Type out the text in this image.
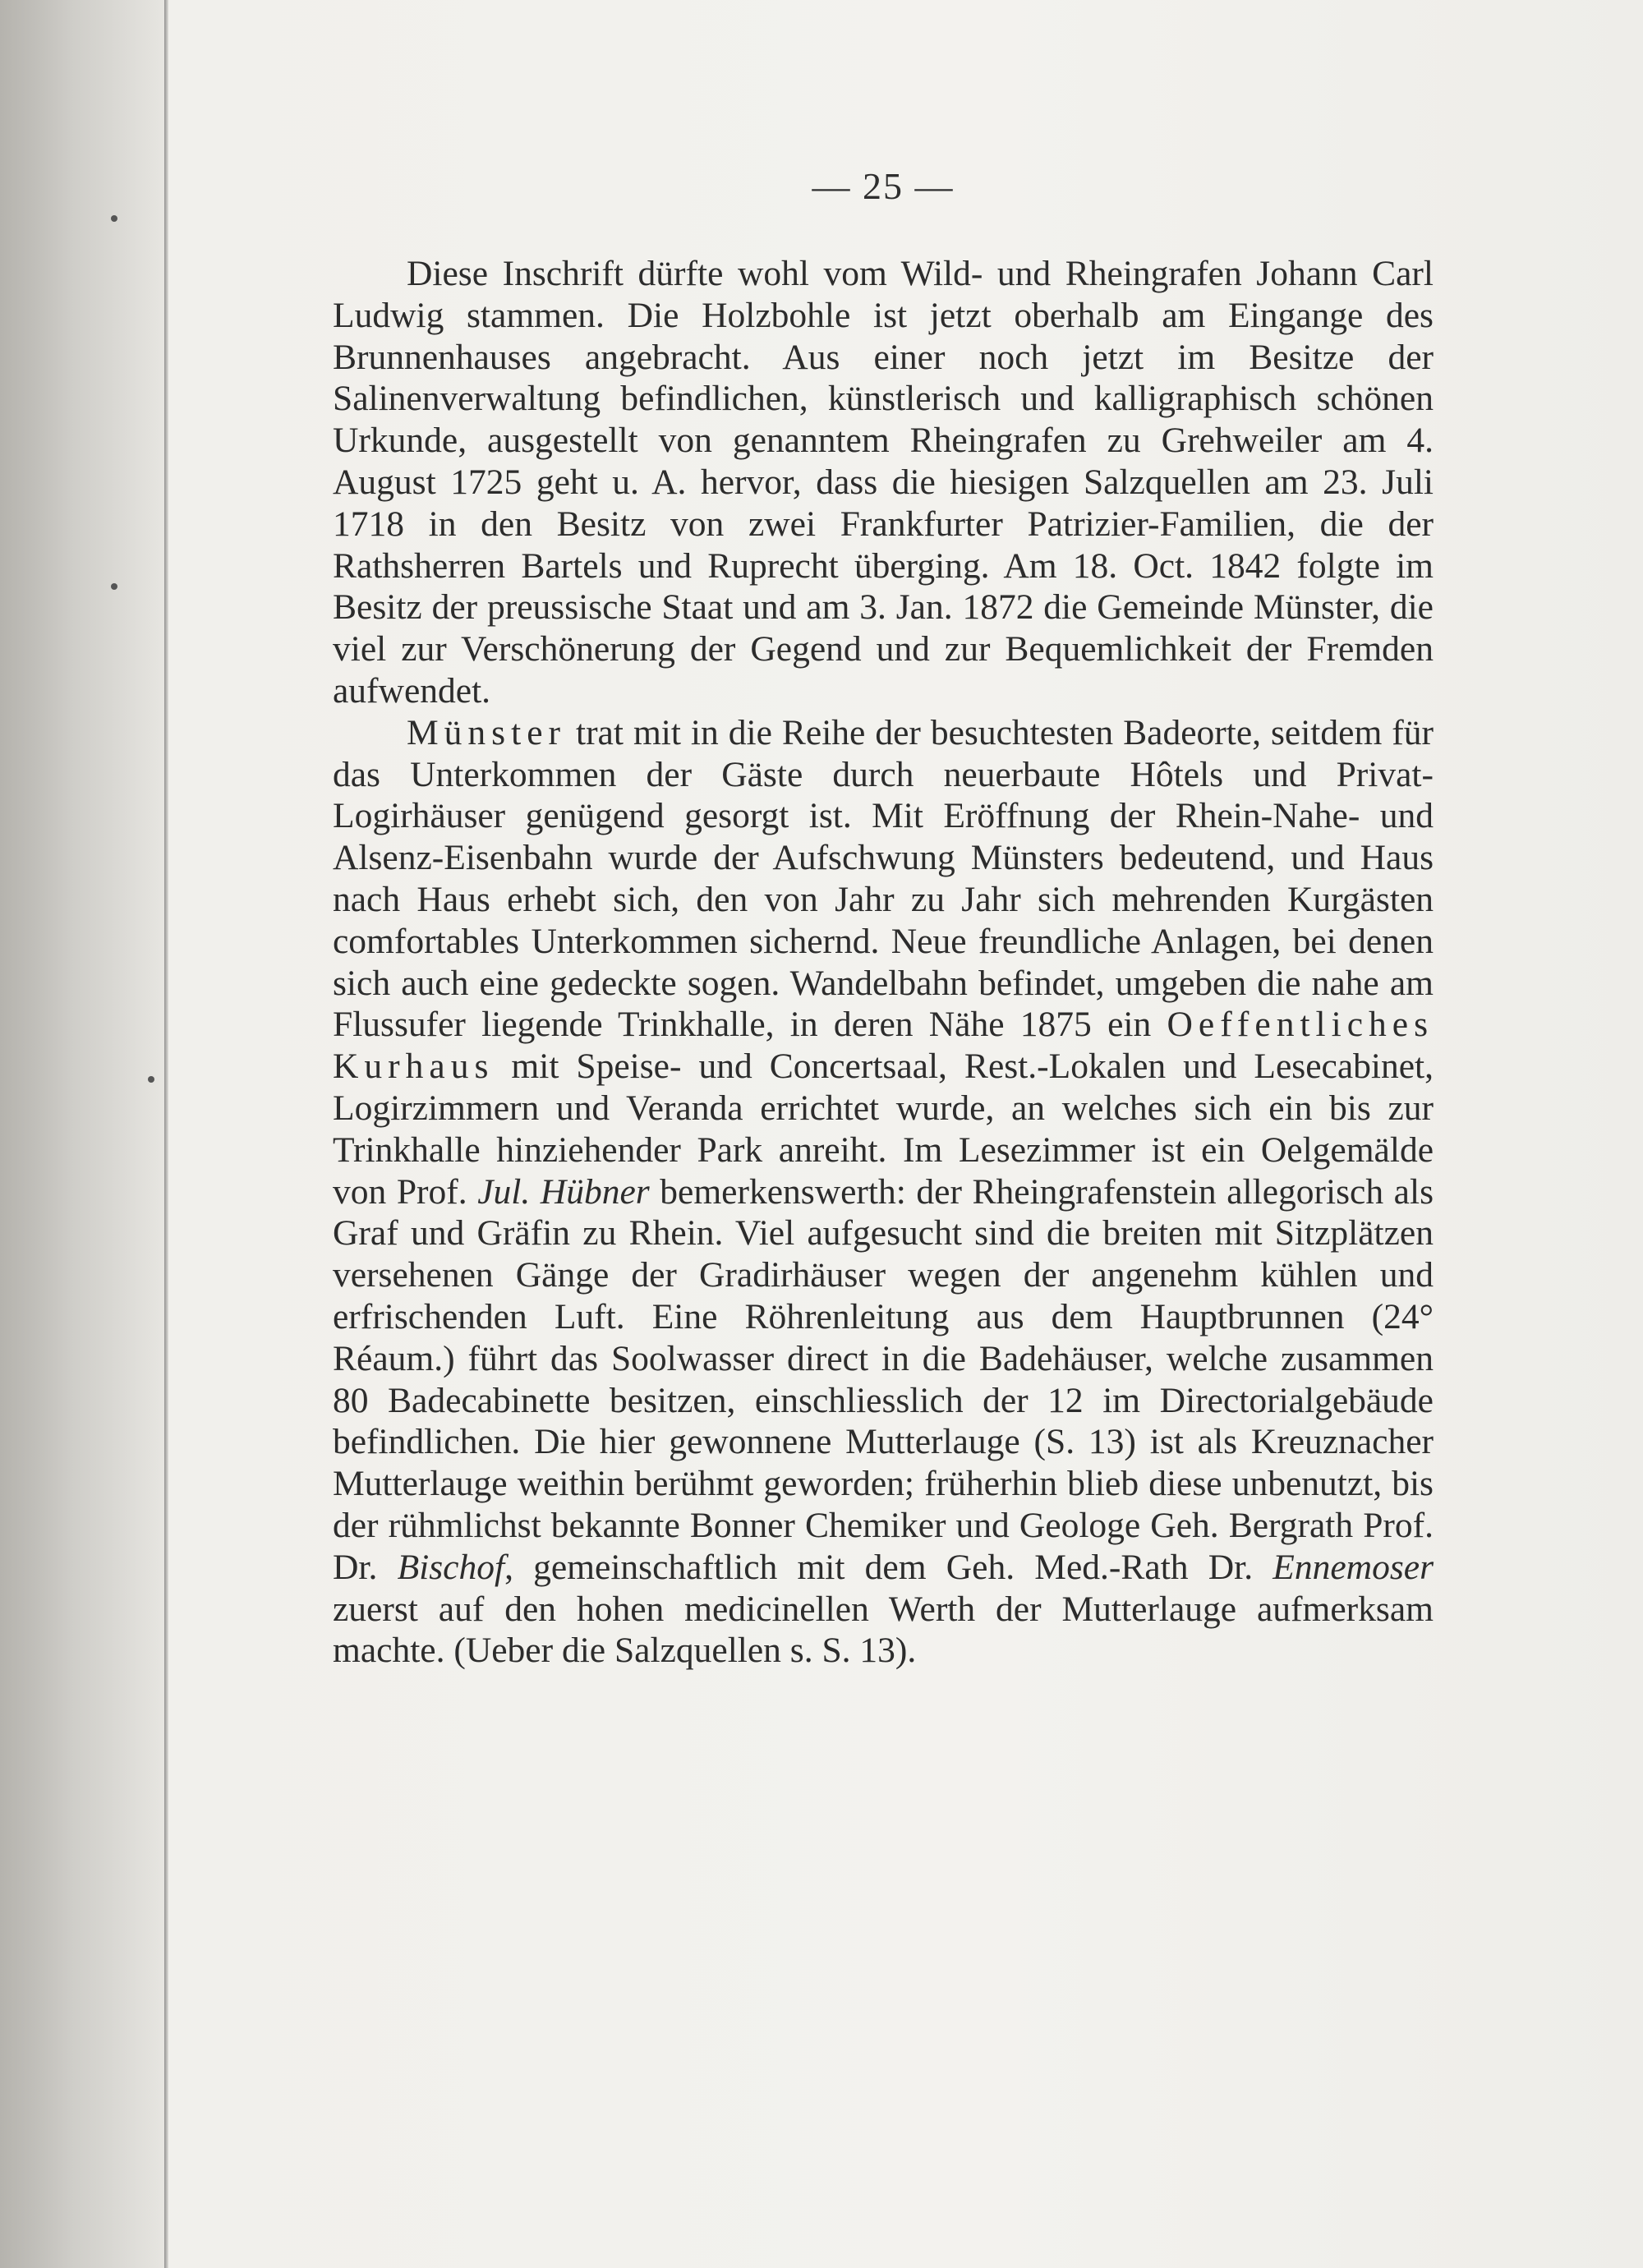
— 25 —

Diese Inschrift dürfte wohl vom Wild- und Rheingrafen Johann Carl Ludwig stammen. Die Holzbohle ist jetzt oberhalb am Eingange des Brunnenhauses angebracht. Aus einer noch jetzt im Besitze der Salinenverwaltung befindlichen, künstlerisch und kalligraphisch schönen Urkunde, ausgestellt von genanntem Rheingrafen zu Grehweiler am 4. August 1725 geht u. A. hervor, dass die hiesigen Salzquellen am 23. Juli 1718 in den Besitz von zwei Frankfurter Patrizier-Familien, die der Rathsherren Bartels und Ruprecht überging. Am 18. Oct. 1842 folgte im Besitz der preussische Staat und am 3. Jan. 1872 die Gemeinde Münster, die viel zur Verschönerung der Gegend und zur Bequemlichkeit der Fremden aufwendet.

Münster trat mit in die Reihe der besuchtesten Badeorte, seitdem für das Unterkommen der Gäste durch neuerbaute Hôtels und Privat-Logirhäuser genügend gesorgt ist. Mit Eröffnung der Rhein-Nahe- und Alsenz-Eisenbahn wurde der Aufschwung Münsters bedeutend, und Haus nach Haus erhebt sich, den von Jahr zu Jahr sich mehrenden Kurgästen comfortables Unterkommen sichernd. Neue freundliche Anlagen, bei denen sich auch eine gedeckte sogen. Wandelbahn befindet, umgeben die nahe am Flussufer liegende Trinkhalle, in deren Nähe 1875 ein Oeffentliches Kurhaus mit Speise- und Concertsaal, Rest.-Lokalen und Lesecabinet, Logirzimmern und Veranda errichtet wurde, an welches sich ein bis zur Trinkhalle hinziehender Park anreiht. Im Lesezimmer ist ein Oelgemälde von Prof. Jul. Hübner bemerkenswerth: der Rheingrafenstein allegorisch als Graf und Gräfin zu Rhein. Viel aufgesucht sind die breiten mit Sitzplätzen versehenen Gänge der Gradirhäuser wegen der angenehm kühlen und erfrischenden Luft. Eine Röhrenleitung aus dem Hauptbrunnen (24° Réaum.) führt das Soolwasser direct in die Badehäuser, welche zusammen 80 Badecabinette besitzen, einschliesslich der 12 im Directorialgebäude befindlichen. Die hier gewonnene Mutterlauge (S. 13) ist als Kreuznacher Mutterlauge weithin berühmt geworden; früherhin blieb diese unbenutzt, bis der rühmlichst bekannte Bonner Chemiker und Geologe Geh. Bergrath Prof. Dr. Bischof, gemeinschaftlich mit dem Geh. Med.-Rath Dr. Ennemoser zuerst auf den hohen medicinellen Werth der Mutterlauge aufmerksam machte. (Ueber die Salzquellen s. S. 13).
